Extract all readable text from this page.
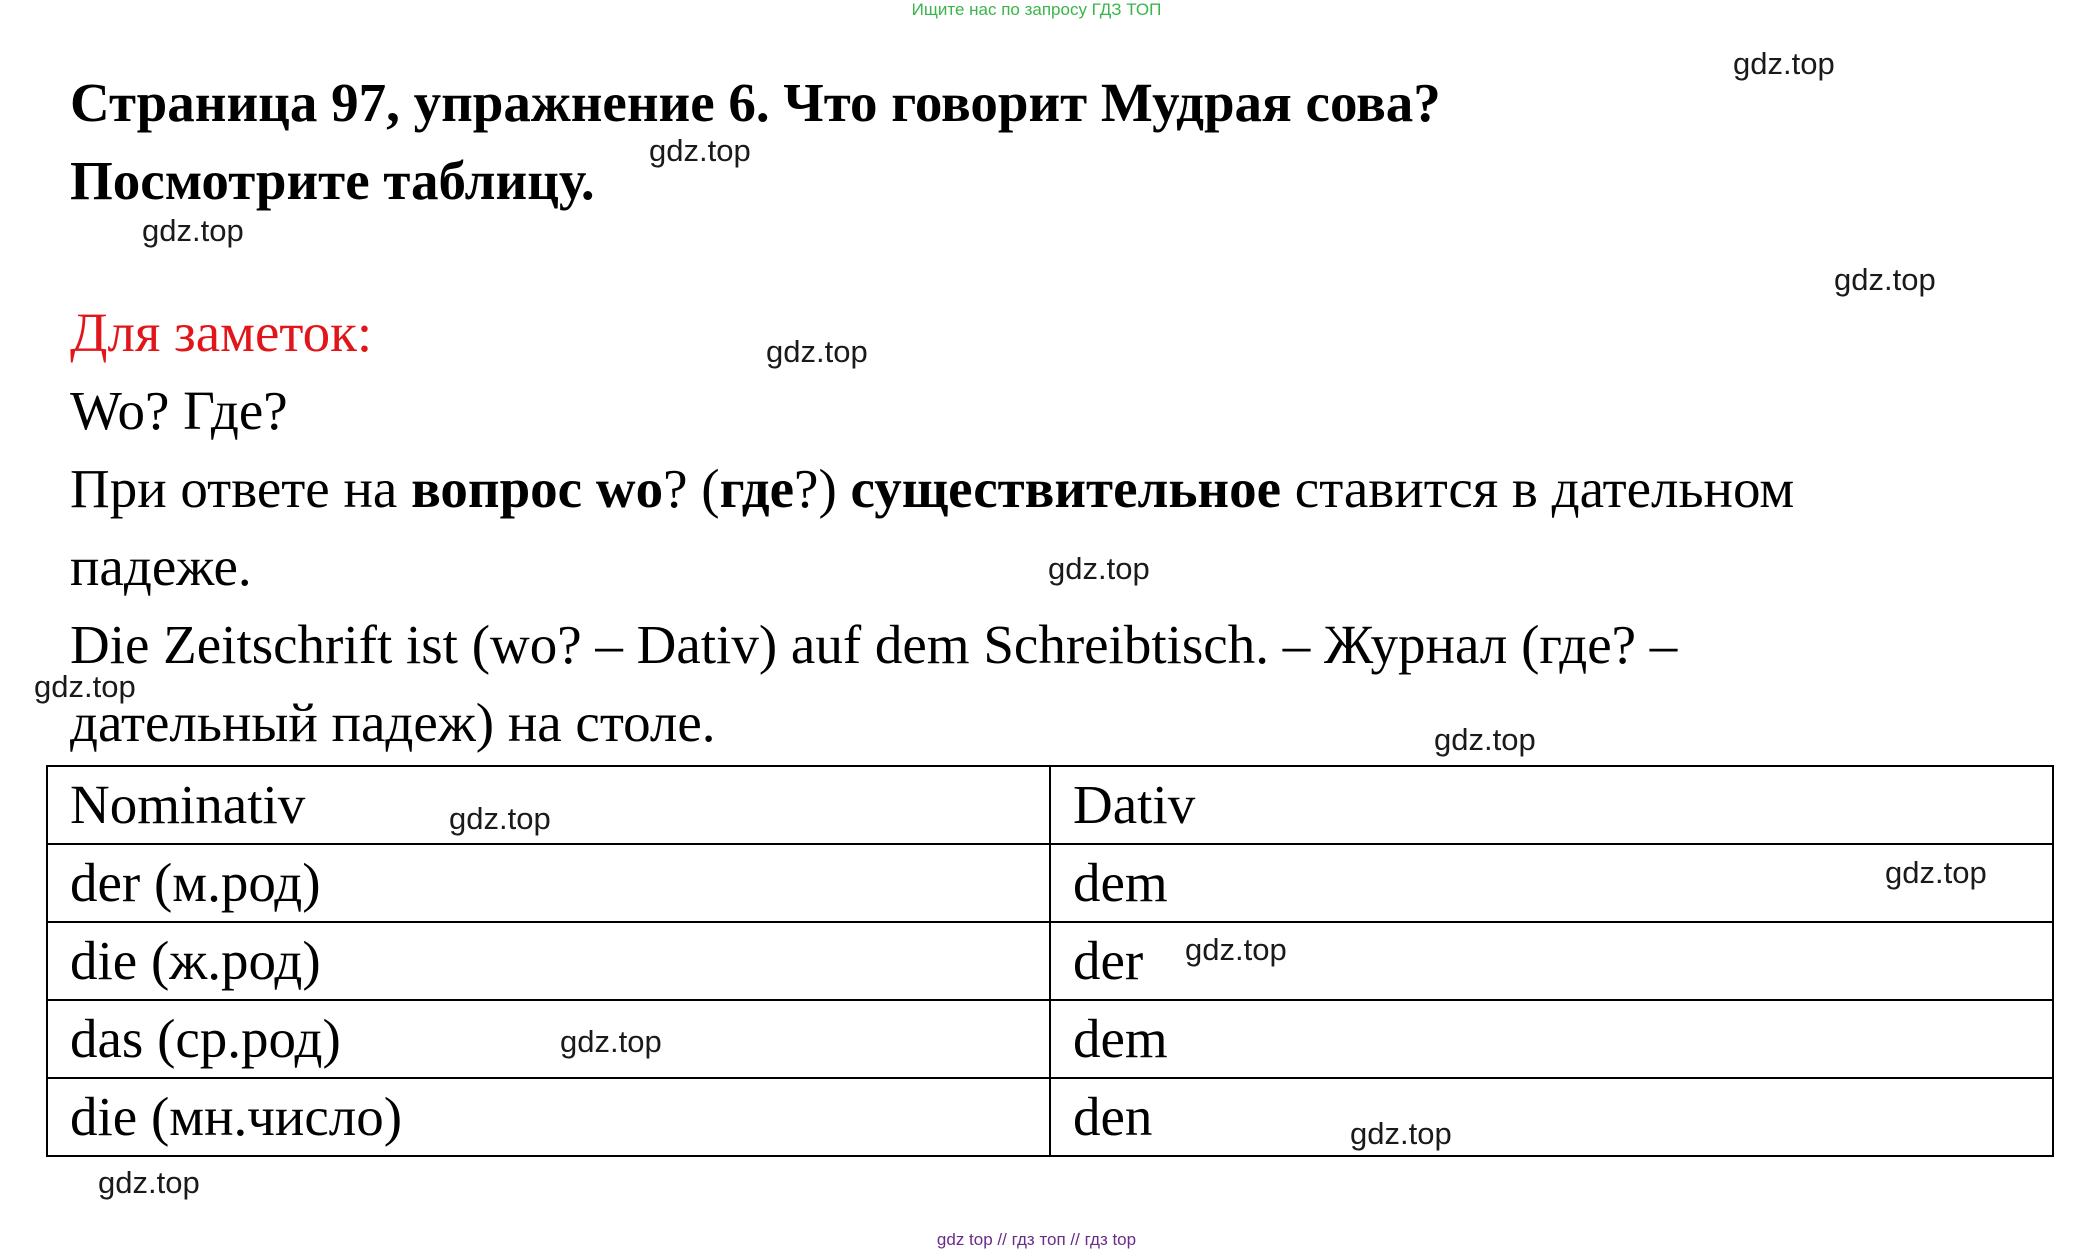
Ищите нас по запросу ГДЗ ТОП
Страница 97, упражнение 6. Что говорит Мудрая сова?
Посмотрите таблицу.
Для заметок:
Wo? Где?
При ответе на вопрос wo? (где?) существительное ставится в дательном
падеже.
Die Zeitschrift ist (wo? – Dativ) auf dem Schreibtisch. – Журнал (где? –
дательный падеж) на столе.
Nominativ	Dativ
der (м.род)	dem
die (ж.род)	der
das (ср.род)	dem
die (мн.число)	den
gdz.top
gdz.top
gdz.top
gdz.top
gdz.top
gdz.top
gdz.top
gdz.top
gdz.top
gdz.top
gdz.top
gdz.top
gdz.top
gdz.top
gdz top // гдз топ // гдз top
